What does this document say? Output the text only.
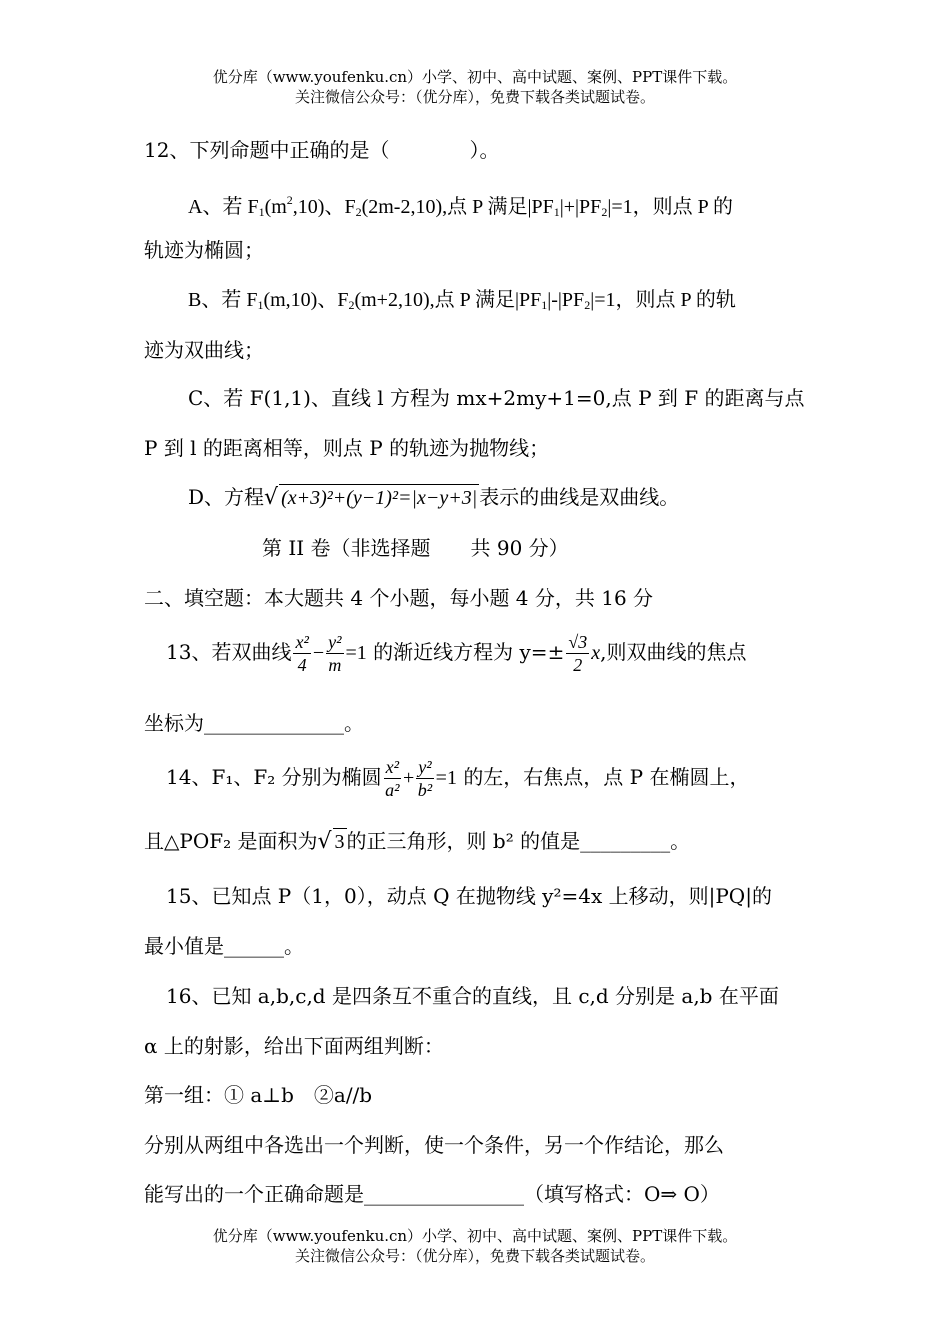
优分库（www.youfenku.cn）小学、初中、高中试题、案例、PPT课件下载。
关注微信公众号：（优分库），免费下载各类试题试卷。
12、下列命题中正确的是（　　　　）。
A、若 $F_1(m^2,10)$、$F_2(2m-2,10)$,点 P 满足$|PF_1|+|PF_2|=1$，则点 P 的
轨迹为椭圆；
B、若 $F_1(m,10)$、$F_2(m+2,10)$,点 P 满足$|PF_1|-|PF_2|=1$，则点 P 的轨
迹为双曲线；
C、若 F(1,1)、直线 l 方程为 mx+2my+1=0,点 P 到 F 的距离与点
P 到 l 的距离相等，则点 P 的轨迹为抛物线；
D、方程√ (x+3)²+(y−1)²=|x−y+3| 表示的曲线是双曲线。
第 II 卷（非选择题　　共 90 分）
二、填空题：本大题共 4 个小题，每小题 4 分，共 16 分
13、若双曲线 $\frac{\text{x²}}{4} - \frac{\text{y²}}{m} =1$ 的渐近线方程为 $y=\pm \frac{√3}{2} x$,则双曲线的焦点
坐标为______________。
14、F₁、F₂ 分别为椭圆 $\frac{\text{x²}}{\text{a²}} + \frac{\text{y²}}{\text{b²}} =1$ 的左，右焦点，点 P 在椭圆上，
且△POF₂ 是面积为√ 3 的正三角形，则 b² 的值是_________。
15、已知点 P（1，0），动点 Q 在抛物线 y²=4x 上移动，则|PQ|的
最小值是______。
16、已知 a,b,c,d 是四条互不重合的直线，且 c,d 分别是 a,b 在平面
α 上的射影，给出下面两组判断：
第一组：① a⊥b　②a//b
分别从两组中各选出一个判断，使一个条件，另一个作结论，那么
能写出的一个正确命题是________________（填写格式：O⇒ O）
优分库（www.youfenku.cn）小学、初中、高中试题、案例、PPT课件下载。
关注微信公众号：（优分库），免费下载各类试题试卷。
